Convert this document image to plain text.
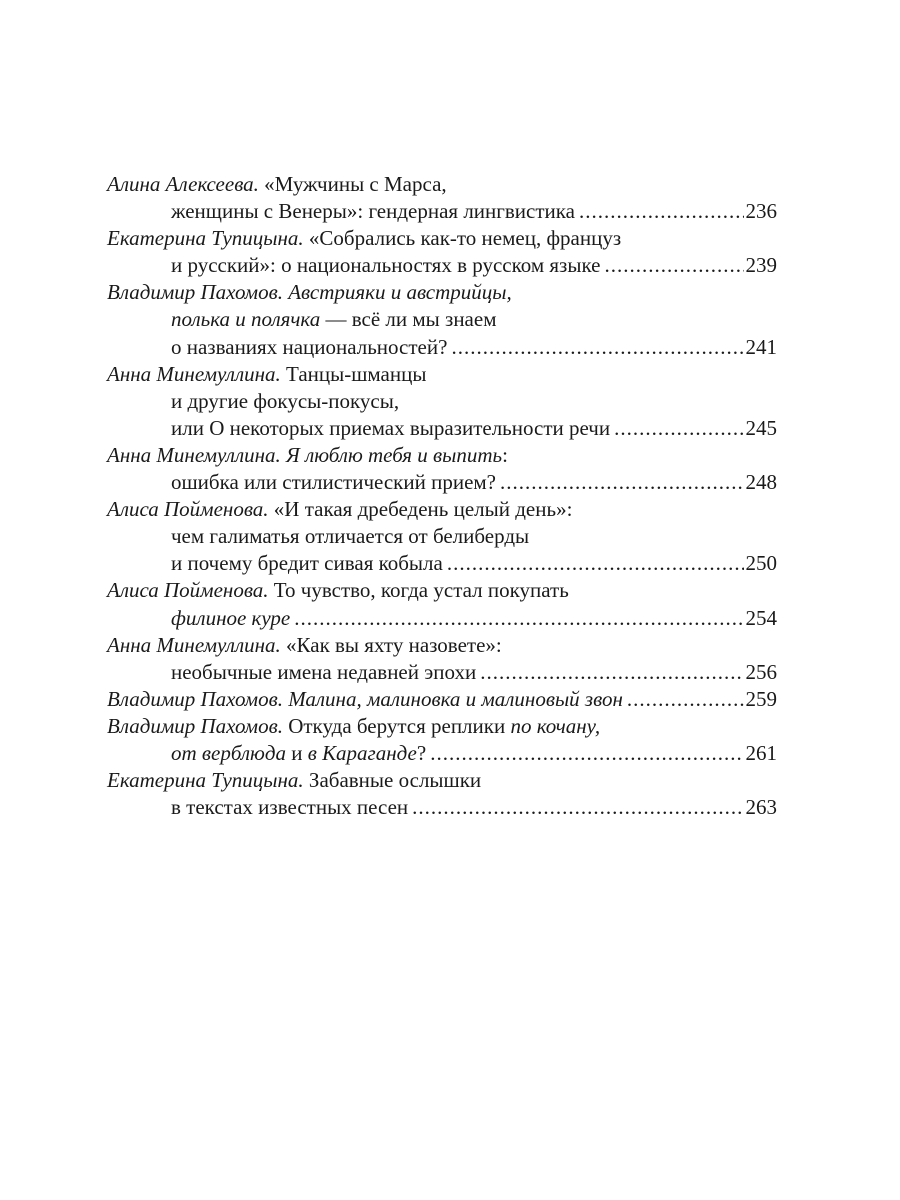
Алина Алексеева. «Мужчины с Марса,
женщины с Венеры»: гендерная лингвистика .....	236
Екатерина Тупицына. «Собрались как-то немец, француз
и русский»: о национальностях в русском языке .....	239
Владимир Пахомов. Австрияки и австрийцы,
полька и полячка — всё ли мы знаем
о названиях национальностей? .....	241
Анна Минемуллина. Танцы-шманцы
и другие фокусы-покусы,
или О некоторых приемах выразительности речи .....	245
Анна Минемуллина. Я люблю тебя и выпить:
ошибка или стилистический прием? .....	248
Алиса Пойменова. «И такая дребедень целый день»:
чем галиматья отличается от белиберды
и почему бредит сивая кобыла .....	250
Алиса Пойменова. То чувство, когда устал покупать
филиное куре .....	254
Анна Минемуллина. «Как вы яхту назовете»:
необычные имена недавней эпохи .....	256
Владимир Пахомов. Малина, малиновка и малиновый звон .....	259
Владимир Пахомов. Откуда берутся реплики по кочану,
от верблюда и в Караганде? .....	261
Екатерина Тупицына. Забавные ослышки
в текстах известных песен .....	263
